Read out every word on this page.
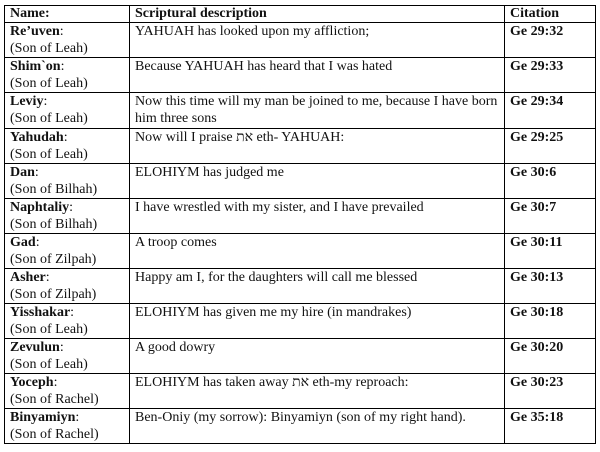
Name:	Scriptural description	Citation
Re’uven:
(Son of Leah)	YAHUAH has looked upon my affliction;	Ge 29:32
Shim`on:
(Son of Leah)	Because YAHUAH has heard that I was hated	Ge 29:33
Leviy:
(Son of Leah)	Now this time will my man be joined to me, because I have born him three sons	Ge 29:34
Yahudah:
(Son of Leah)	Now will I praise את eth- YAHUAH:	Ge 29:25
Dan:
(Son of Bilhah)	ELOHIYM has judged me	Ge 30:6
Naphtaliy:
(Son of Bilhah)	I have wrestled with my sister, and I have prevailed	Ge 30:7
Gad:
(Son of Zilpah)	A troop comes	Ge 30:11
Asher:
(Son of Zilpah)	Happy am I, for the daughters will call me blessed	Ge 30:13
Yisshakar:
(Son of Leah)	ELOHIYM has given me my hire (in mandrakes)	Ge 30:18
Zevulun:
(Son of Leah)	A good dowry	Ge 30:20
Yoceph:
(Son of Rachel)	ELOHIYM has taken away את eth-my reproach:	Ge 30:23
Binyamiyn:
(Son of Rachel)	Ben-Oniy (my sorrow): Binyamiyn (son of my right hand).	Ge 35:18
